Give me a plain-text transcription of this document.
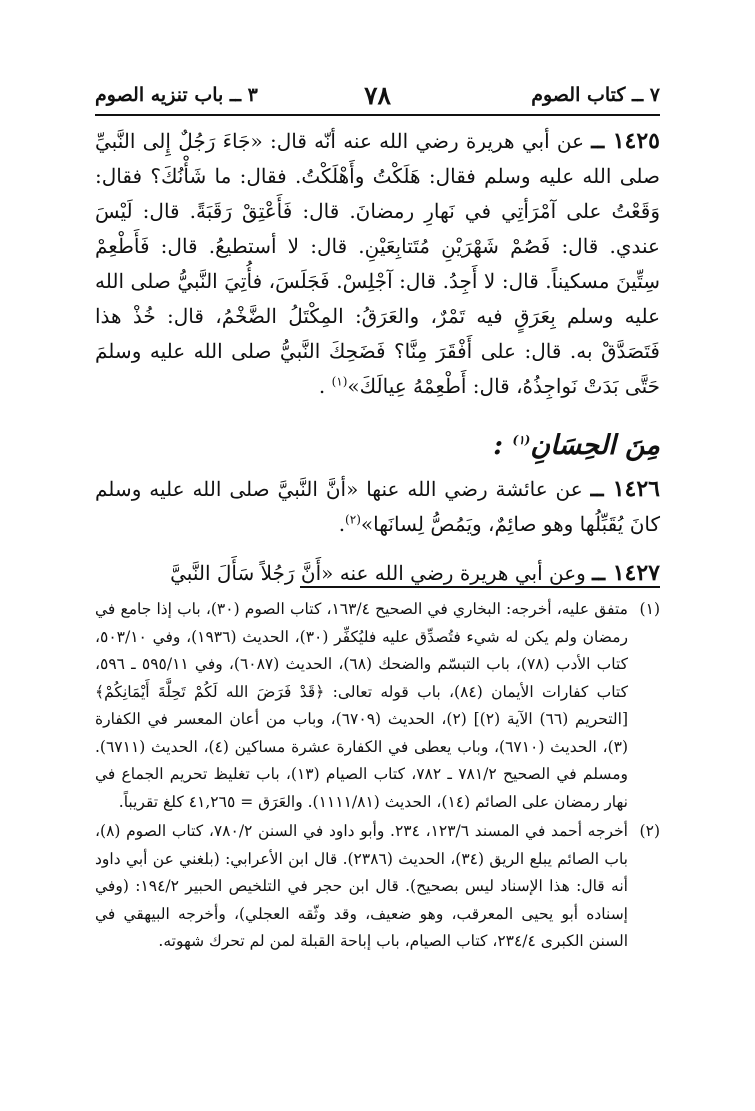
٧ ــ كتاب الصوم
٧٨
٣ ــ باب تنزيه الصوم

١٤٢٥ ــ عن أبي هريرة رضي الله عنه أنّه قال: «جَاءَ رَجُلٌ إِلى النَّبيِّ صلى الله عليه وسلم فقال: هَلَكْتُ وأَهْلَكْتُ. فقال: ما شَأْنُكَ؟ فقال: وَقَعْتُ على آمْرَأتِي في نَهارِ رمضانَ. قال: فَأَعْتِقْ رَقَبَةً. قال: لَيْسَ عندي. قال: فَصُمْ شَهْرَيْنِ مُتَتابِعَيْنِ. قال: لا أستطيعُ. قال: فَأَطْعِمْ سِتِّينَ مسكيناً. قال: لا أَجِدُ. قال: آجْلِسْ. فَجَلَسَ، فأُتِيَ النَّبيُّ صلى الله عليه وسلم بِعَرَقٍ فيه تَمْرٌ، والعَرَقُ: المِكْتَلُ الضَّخْمُ، قال: خُذْ هذا فَتَصَدَّقْ به. قال: على أَفْقَرَ مِنَّا؟ فَضَحِكَ النَّبيُّ صلى الله عليه وسلمَ حَتَّى بَدَتْ نَواجِذُهُ، قال: أَطْعِمْهُ عِيالَكَ»$^{(١)}$ .

مِنَ الحِسَانِ$^{(١)}$ :

١٤٢٦ ــ عن عائشة رضي الله عنها «أنَّ النَّبيَّ صلى الله عليه وسلم كانَ يُقَبِّلُها وهو صائِمٌ، ويَمُصُّ لِسانَها»$^{(٢)}$.

١٤٢٧ ــ وعن أبي هريرة رضي الله عنه «أَنَّ رَجُلاً سَأَلَ النَّبيَّ

(١)
متفق عليه، أخرجه: البخاري في الصحيح ١٦٣/٤، كتاب الصوم (٣٠)، باب إذا جامع في رمضان ولم يكن له شيء فتُصدِّق عليه فليُكفِّر (٣٠)، الحديث (١٩٣٦)، وفي ٥٠٣/١٠، كتاب الأدب (٧٨)، باب التبسّم والضحك (٦٨)، الحديث (٦٠٨٧)، وفي ٥٩٥/١١ ـ ٥٩٦، كتاب كفارات الأيمان (٨٤)، باب قوله تعالى: ﴿قَدْ فَرَضَ الله لَكُمْ تَحِلَّةَ أَيْمَانِكُمْ﴾ [التحريم (٦٦) الآية (٢)] (٢)، الحديث (٦٧٠٩)، وباب من أعان المعسر في الكفارة (٣)، الحديث (٦٧١٠)، وباب يعطى في الكفارة عشرة مساكين (٤)، الحديث (٦٧١١). ومسلم في الصحيح ٧٨١/٢ ـ ٧٨٢، كتاب الصيام (١٣)، باب تغليظ تحريم الجماع في نهار رمضان على الصائم (١٤)، الحديث (١١١١/٨١). والعَرَق = ٤١,٢٦٥ كلغ تقريباً.
(٢)
أخرجه أحمد في المسند ١٢٣/٦، ٢٣٤. وأبو داود في السنن ٧٨٠/٢، كتاب الصوم (٨)، باب الصائم يبلع الريق (٣٤)، الحديث (٢٣٨٦). قال ابن الأعرابي: (بلغني عن أبي داود أنه قال: هذا الإسناد ليس بصحيح). قال ابن حجر في التلخيص الحبير ١٩٤/٢: (وفي إسناده أبو يحيى المعرقب، وهو ضعيف، وقد وثّقه العجلي)، وأخرجه البيهقي في السنن الكبرى ٢٣٤/٤، كتاب الصيام، باب إباحة القبلة لمن لم تحرك شهوته.
